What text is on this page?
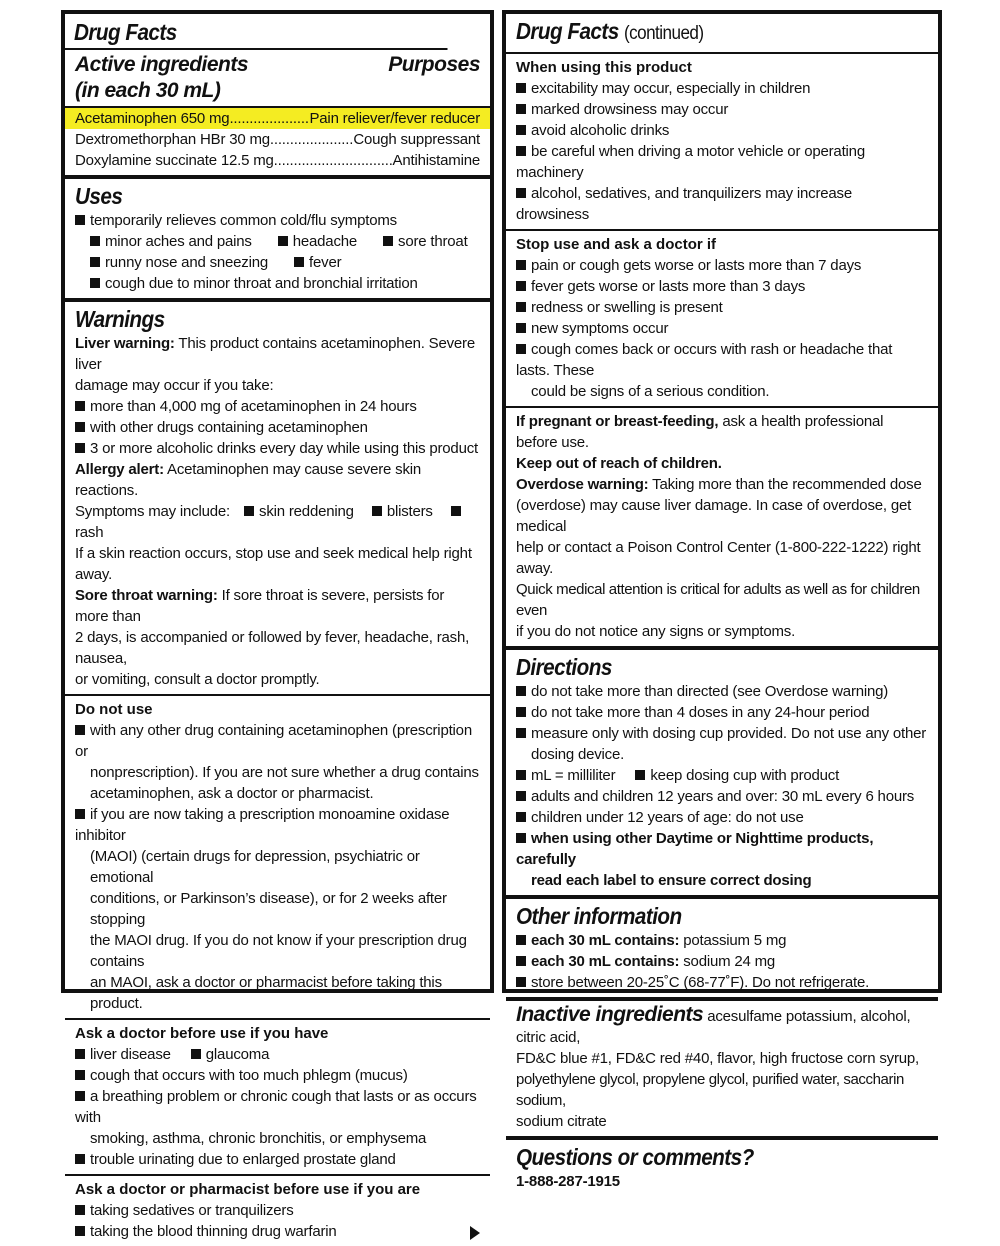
Drug Facts
Active ingredients
(in each 30 mL)
Purposes
Acetaminophen 650 mg .....	Pain reliever/fever reducer
Dextromethorphan HBr 30 mg .....	Cough suppressant
Doxylamine succinate 12.5 mg .....	Antihistamine
Uses
temporarily relieves common cold/flu symptoms
minor aches and pains	headache	sore throat
runny nose and sneezing	fever
cough due to minor throat and bronchial irritation
Warnings
Liver warning: This product contains acetaminophen. Severe liver
damage may occur if you take:
more than 4,000 mg of acetaminophen in 24 hours
with other drugs containing acetaminophen
3 or more alcoholic drinks every day while using this product
Allergy alert: Acetaminophen may cause severe skin reactions.
Symptoms may include: skin reddening blistersrash
If a skin reaction occurs, stop use and seek medical help right away.
Sore throat warning: If sore throat is severe, persists for more than
2 days, is accompanied or followed by fever, headache, rash, nausea,
or vomiting, consult a doctor promptly.
Do not use
with any other drug containing acetaminophen (prescription or
nonprescription). If you are not sure whether a drug contains
acetaminophen, ask a doctor or pharmacist.
if you are now taking a prescription monoamine oxidase inhibitor
(MAOI) (certain drugs for depression, psychiatric or emotional
conditions, or Parkinson’s disease), or for 2 weeks after stopping
the MAOI drug. If you do not know if your prescription drug contains
an MAOI, ask a doctor or pharmacist before taking this product.
Ask a doctor before use if you have
liver disease glaucoma
cough that occurs with too much phlegm (mucus)
a breathing problem or chronic cough that lasts or as occurs with
smoking, asthma, chronic bronchitis, or emphysema
trouble urinating due to enlarged prostate gland
Ask a doctor or pharmacist before use if you are
taking sedatives or tranquilizers
taking the blood thinning drug warfarin
Drug Facts (continued)
When using this product
excitability may occur, especially in children
marked drowsiness may occur
avoid alcoholic drinks
be careful when driving a motor vehicle or operating machinery
alcohol, sedatives, and tranquilizers may increase drowsiness
Stop use and ask a doctor if
pain or cough gets worse or lasts more than 7 days
fever gets worse or lasts more than 3 days
redness or swelling is present
new symptoms occur
cough comes back or occurs with rash or headache that lasts. These
could be signs of a serious condition.
If pregnant or breast-feeding, ask a health professional before use.
Keep out of reach of children.
Overdose warning: Taking more than the recommended dose
(overdose) may cause liver damage. In case of overdose, get medical
help or contact a Poison Control Center (1-800-222-1222) right away.
Quick medical attention is critical for adults as well as for children even
if you do not notice any signs or symptoms.
Directions
do not take more than directed (see Overdose warning)
do not take more than 4 doses in any 24-hour period
measure only with dosing cup provided. Do not use any other
dosing device.
mL = milliliter keep dosing cup with product
adults and children 12 years and over: 30 mL every 6 hours
children under 12 years of age: do not use
when using other Daytime or Nighttime products, carefully
read each label to ensure correct dosing
Other information
each 30 mL contains: potassium 5 mg
each 30 mL contains: sodium 24 mg
store between 20-25˚C (68-77˚F). Do not refrigerate.
Inactive ingredients acesulfame potassium, alcohol, citric acid,
FD&C blue #1, FD&C red #40, flavor, high fructose corn syrup,
polyethylene glycol, propylene glycol, purified water, saccharin sodium,
sodium citrate
Questions or comments?
1-888-287-1915
